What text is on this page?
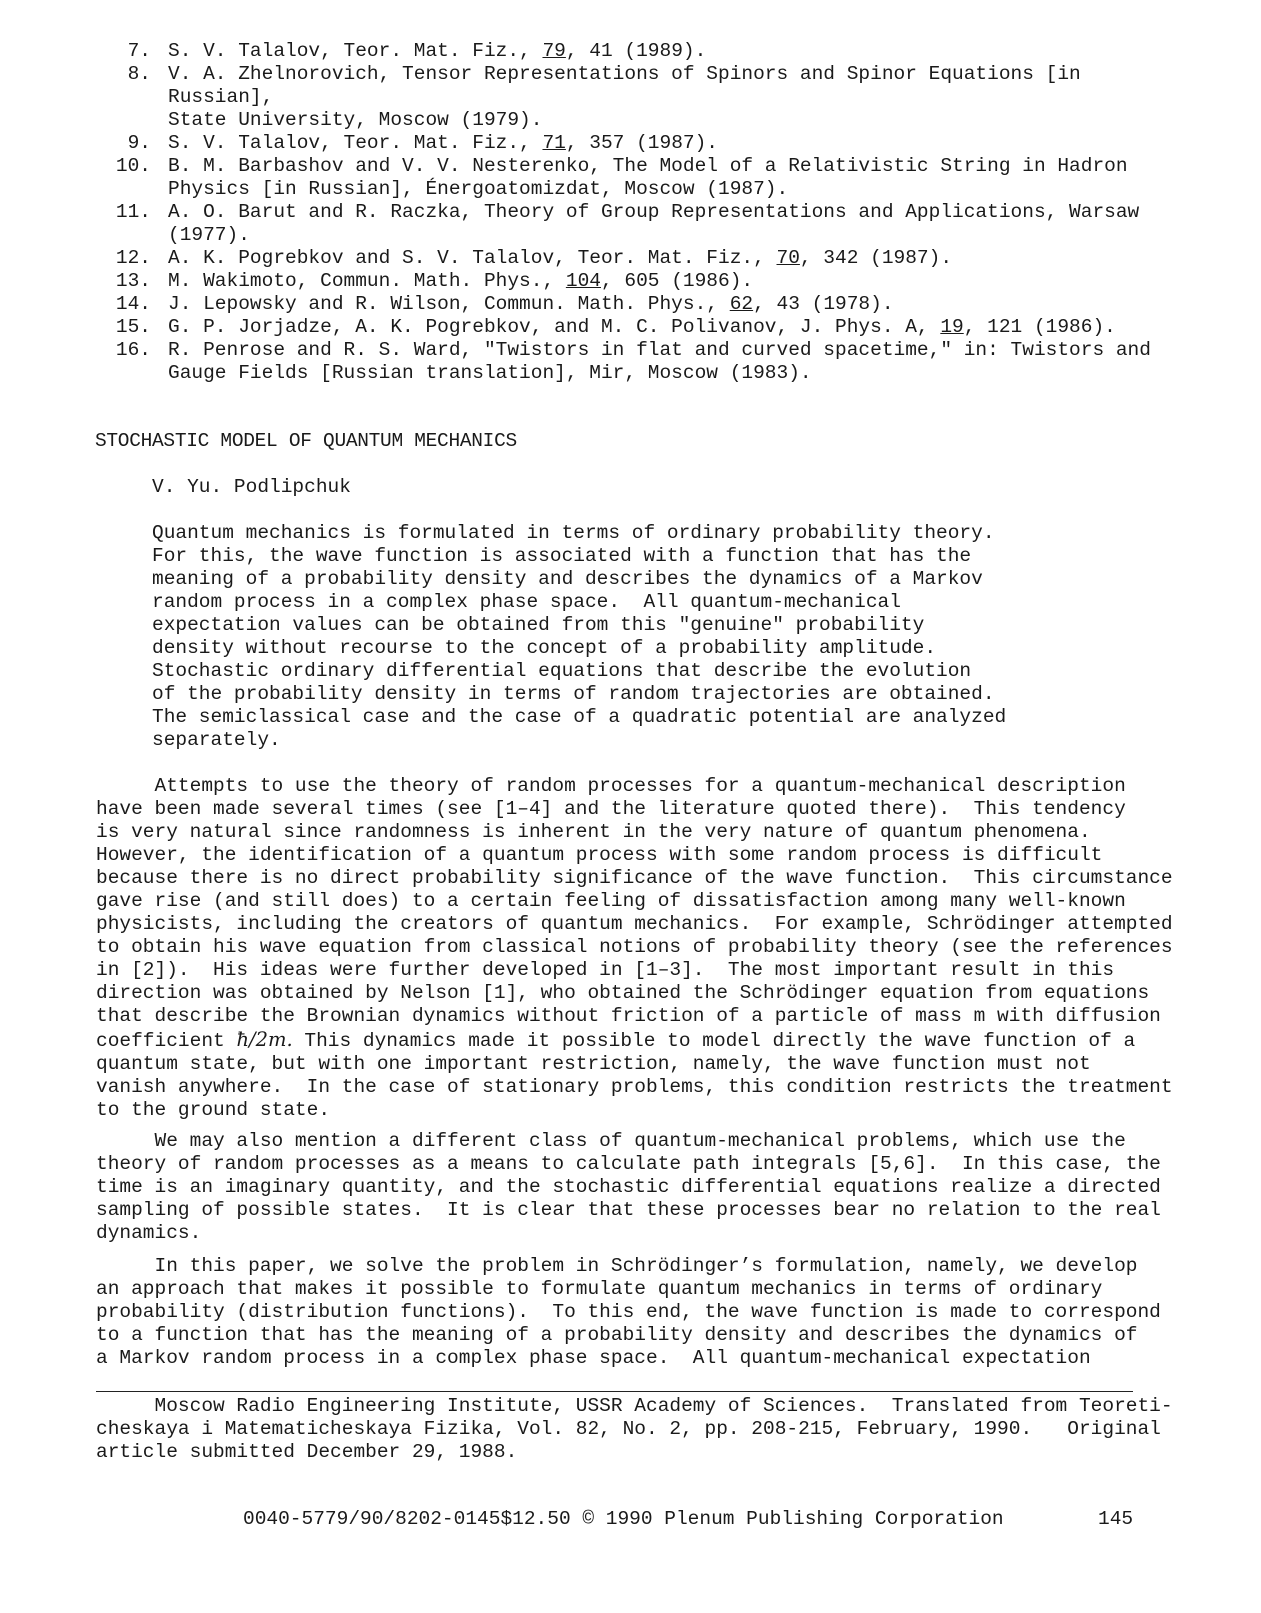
7. S. V. Talalov, Teor. Mat. Fiz., 79, 41 (1989).
8. V. A. Zhelnorovich, Tensor Representations of Spinors and Spinor Equations [in Russian],
State University, Moscow (1979).
9. S. V. Talalov, Teor. Mat. Fiz., 71, 357 (1987).
10. B. M. Barbashov and V. V. Nesterenko, The Model of a Relativistic String in Hadron
Physics [in Russian], Énergoatomizdat, Moscow (1987).
11. A. O. Barut and R. Raczka, Theory of Group Representations and Applications, Warsaw
(1977).
12. A. K. Pogrebkov and S. V. Talalov, Teor. Mat. Fiz., 70, 342 (1987).
13. M. Wakimoto, Commun. Math. Phys., 104, 605 (1986).
14. J. Lepowsky and R. Wilson, Commun. Math. Phys., 62, 43 (1978).
15. G. P. Jorjadze, A. K. Pogrebkov, and M. C. Polivanov, J. Phys. A, 19, 121 (1986).
16. R. Penrose and R. S. Ward, "Twistors in flat and curved spacetime," in: Twistors and
Gauge Fields [Russian translation], Mir, Moscow (1983).
STOCHASTIC MODEL OF QUANTUM MECHANICS
V. Yu. Podlipchuk
Quantum mechanics is formulated in terms of ordinary probability theory.
For this, the wave function is associated with a function that has the
meaning of a probability density and describes the dynamics of a Markov
random process in a complex phase space.  All quantum-mechanical
expectation values can be obtained from this "genuine" probability
density without recourse to the concept of a probability amplitude.
Stochastic ordinary differential equations that describe the evolution
of the probability density in terms of random trajectories are obtained.
The semiclassical case and the case of a quadratic potential are analyzed
separately.
Attempts to use the theory of random processes for a quantum-mechanical description
have been made several times (see [1–4] and the literature quoted there).  This tendency
is very natural since randomness is inherent in the very nature of quantum phenomena.
However, the identification of a quantum process with some random process is difficult
because there is no direct probability significance of the wave function.  This circumstance
gave rise (and still does) to a certain feeling of dissatisfaction among many well-known
physicists, including the creators of quantum mechanics.  For example, Schrödinger attempted
to obtain his wave equation from classical notions of probability theory (see the references
in [2]).  His ideas were further developed in [1–3].  The most important result in this
direction was obtained by Nelson [1], who obtained the Schrödinger equation from equations
that describe the Brownian dynamics without friction of a particle of mass m with diffusion
coefficient ħ/2m. This dynamics made it possible to model directly the wave function of a
quantum state, but with one important restriction, namely, the wave function must not
vanish anywhere.  In the case of stationary problems, this condition restricts the treatment
to the ground state.
We may also mention a different class of quantum-mechanical problems, which use the
theory of random processes as a means to calculate path integrals [5,6].  In this case, the
time is an imaginary quantity, and the stochastic differential equations realize a directed
sampling of possible states.  It is clear that these processes bear no relation to the real
dynamics.
In this paper, we solve the problem in Schrödinger’s formulation, namely, we develop
an approach that makes it possible to formulate quantum mechanics in terms of ordinary
probability (distribution functions).  To this end, the wave function is made to correspond
to a function that has the meaning of a probability density and describes the dynamics of
a Markov random process in a complex phase space.  All quantum-mechanical expectation
Moscow Radio Engineering Institute, USSR Academy of Sciences.  Translated from Teoreti-
cheskaya i Matematicheskaya Fizika, Vol. 82, No. 2, pp. 208-215, February, 1990.   Original
article submitted December 29, 1988.
0040-5779/90/8202-0145$12.50 © 1990 Plenum Publishing Corporation	145
